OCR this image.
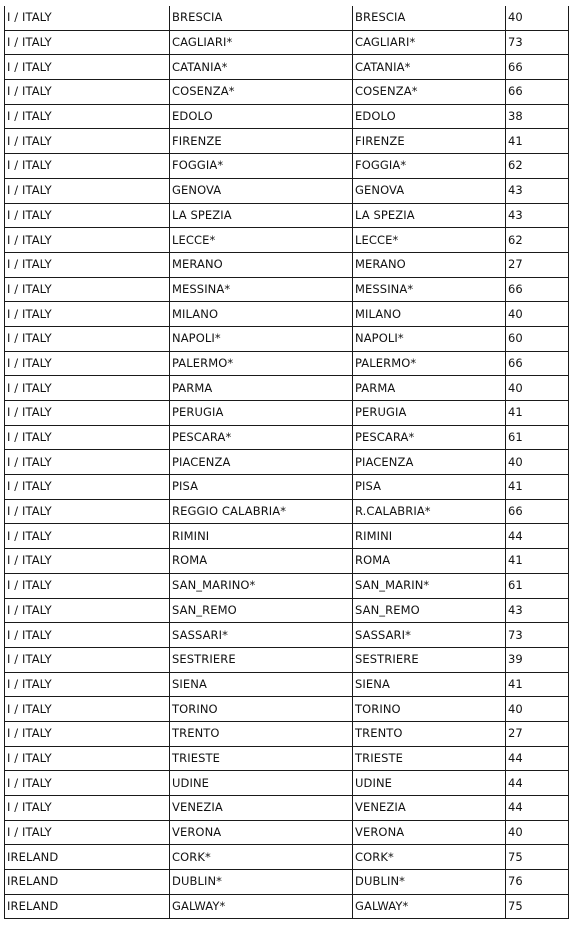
I / ITALY	BRESCIA	BRESCIA	40
I / ITALY	CAGLIARI*	CAGLIARI*	73
I / ITALY	CATANIA*	CATANIA*	66
I / ITALY	COSENZA*	COSENZA*	66
I / ITALY	EDOLO	EDOLO	38
I / ITALY	FIRENZE	FIRENZE	41
I / ITALY	FOGGIA*	FOGGIA*	62
I / ITALY	GENOVA	GENOVA	43
I / ITALY	LA SPEZIA	LA SPEZIA	43
I / ITALY	LECCE*	LECCE*	62
I / ITALY	MERANO	MERANO	27
I / ITALY	MESSINA*	MESSINA*	66
I / ITALY	MILANO	MILANO	40
I / ITALY	NAPOLI*	NAPOLI*	60
I / ITALY	PALERMO*	PALERMO*	66
I / ITALY	PARMA	PARMA	40
I / ITALY	PERUGIA	PERUGIA	41
I / ITALY	PESCARA*	PESCARA*	61
I / ITALY	PIACENZA	PIACENZA	40
I / ITALY	PISA	PISA	41
I / ITALY	REGGIO CALABRIA*	R.CALABRIA*	66
I / ITALY	RIMINI	RIMINI	44
I / ITALY	ROMA	ROMA	41
I / ITALY	SAN_MARINO*	SAN_MARIN*	61
I / ITALY	SAN_REMO	SAN_REMO	43
I / ITALY	SASSARI*	SASSARI*	73
I / ITALY	SESTRIERE	SESTRIERE	39
I / ITALY	SIENA	SIENA	41
I / ITALY	TORINO	TORINO	40
I / ITALY	TRENTO	TRENTO	27
I / ITALY	TRIESTE	TRIESTE	44
I / ITALY	UDINE	UDINE	44
I / ITALY	VENEZIA	VENEZIA	44
I / ITALY	VERONA	VERONA	40
IRELAND	CORK*	CORK*	75
IRELAND	DUBLIN*	DUBLIN*	76
IRELAND	GALWAY*	GALWAY*	75
